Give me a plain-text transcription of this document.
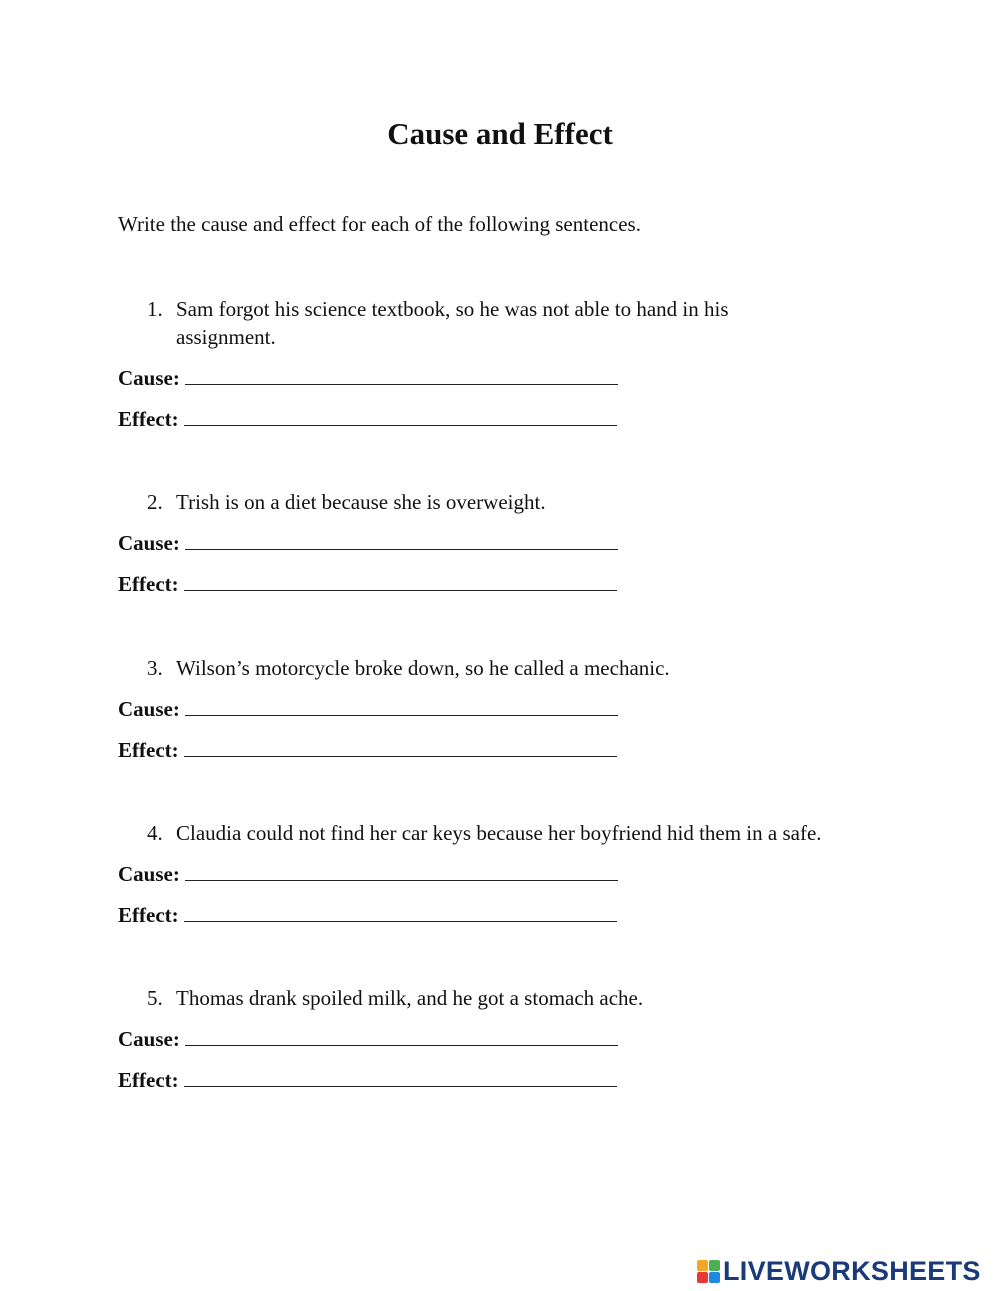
Cause and Effect

Write the cause and effect for each of the following sentences.

1. Sam forgot his science textbook, so he was not able to hand in his assignment.

Cause:
Effect:

2. Trish is on a diet because she is overweight.

Cause:
Effect:

3. Wilson’s motorcycle broke down, so he called a mechanic.

Cause:
Effect:

4. Claudia could not find her car keys because her boyfriend hid them in a safe.

Cause:
Effect:

5. Thomas drank spoiled milk, and he got a stomach ache.

Cause:
Effect:
LIVEWORKSHEETS
